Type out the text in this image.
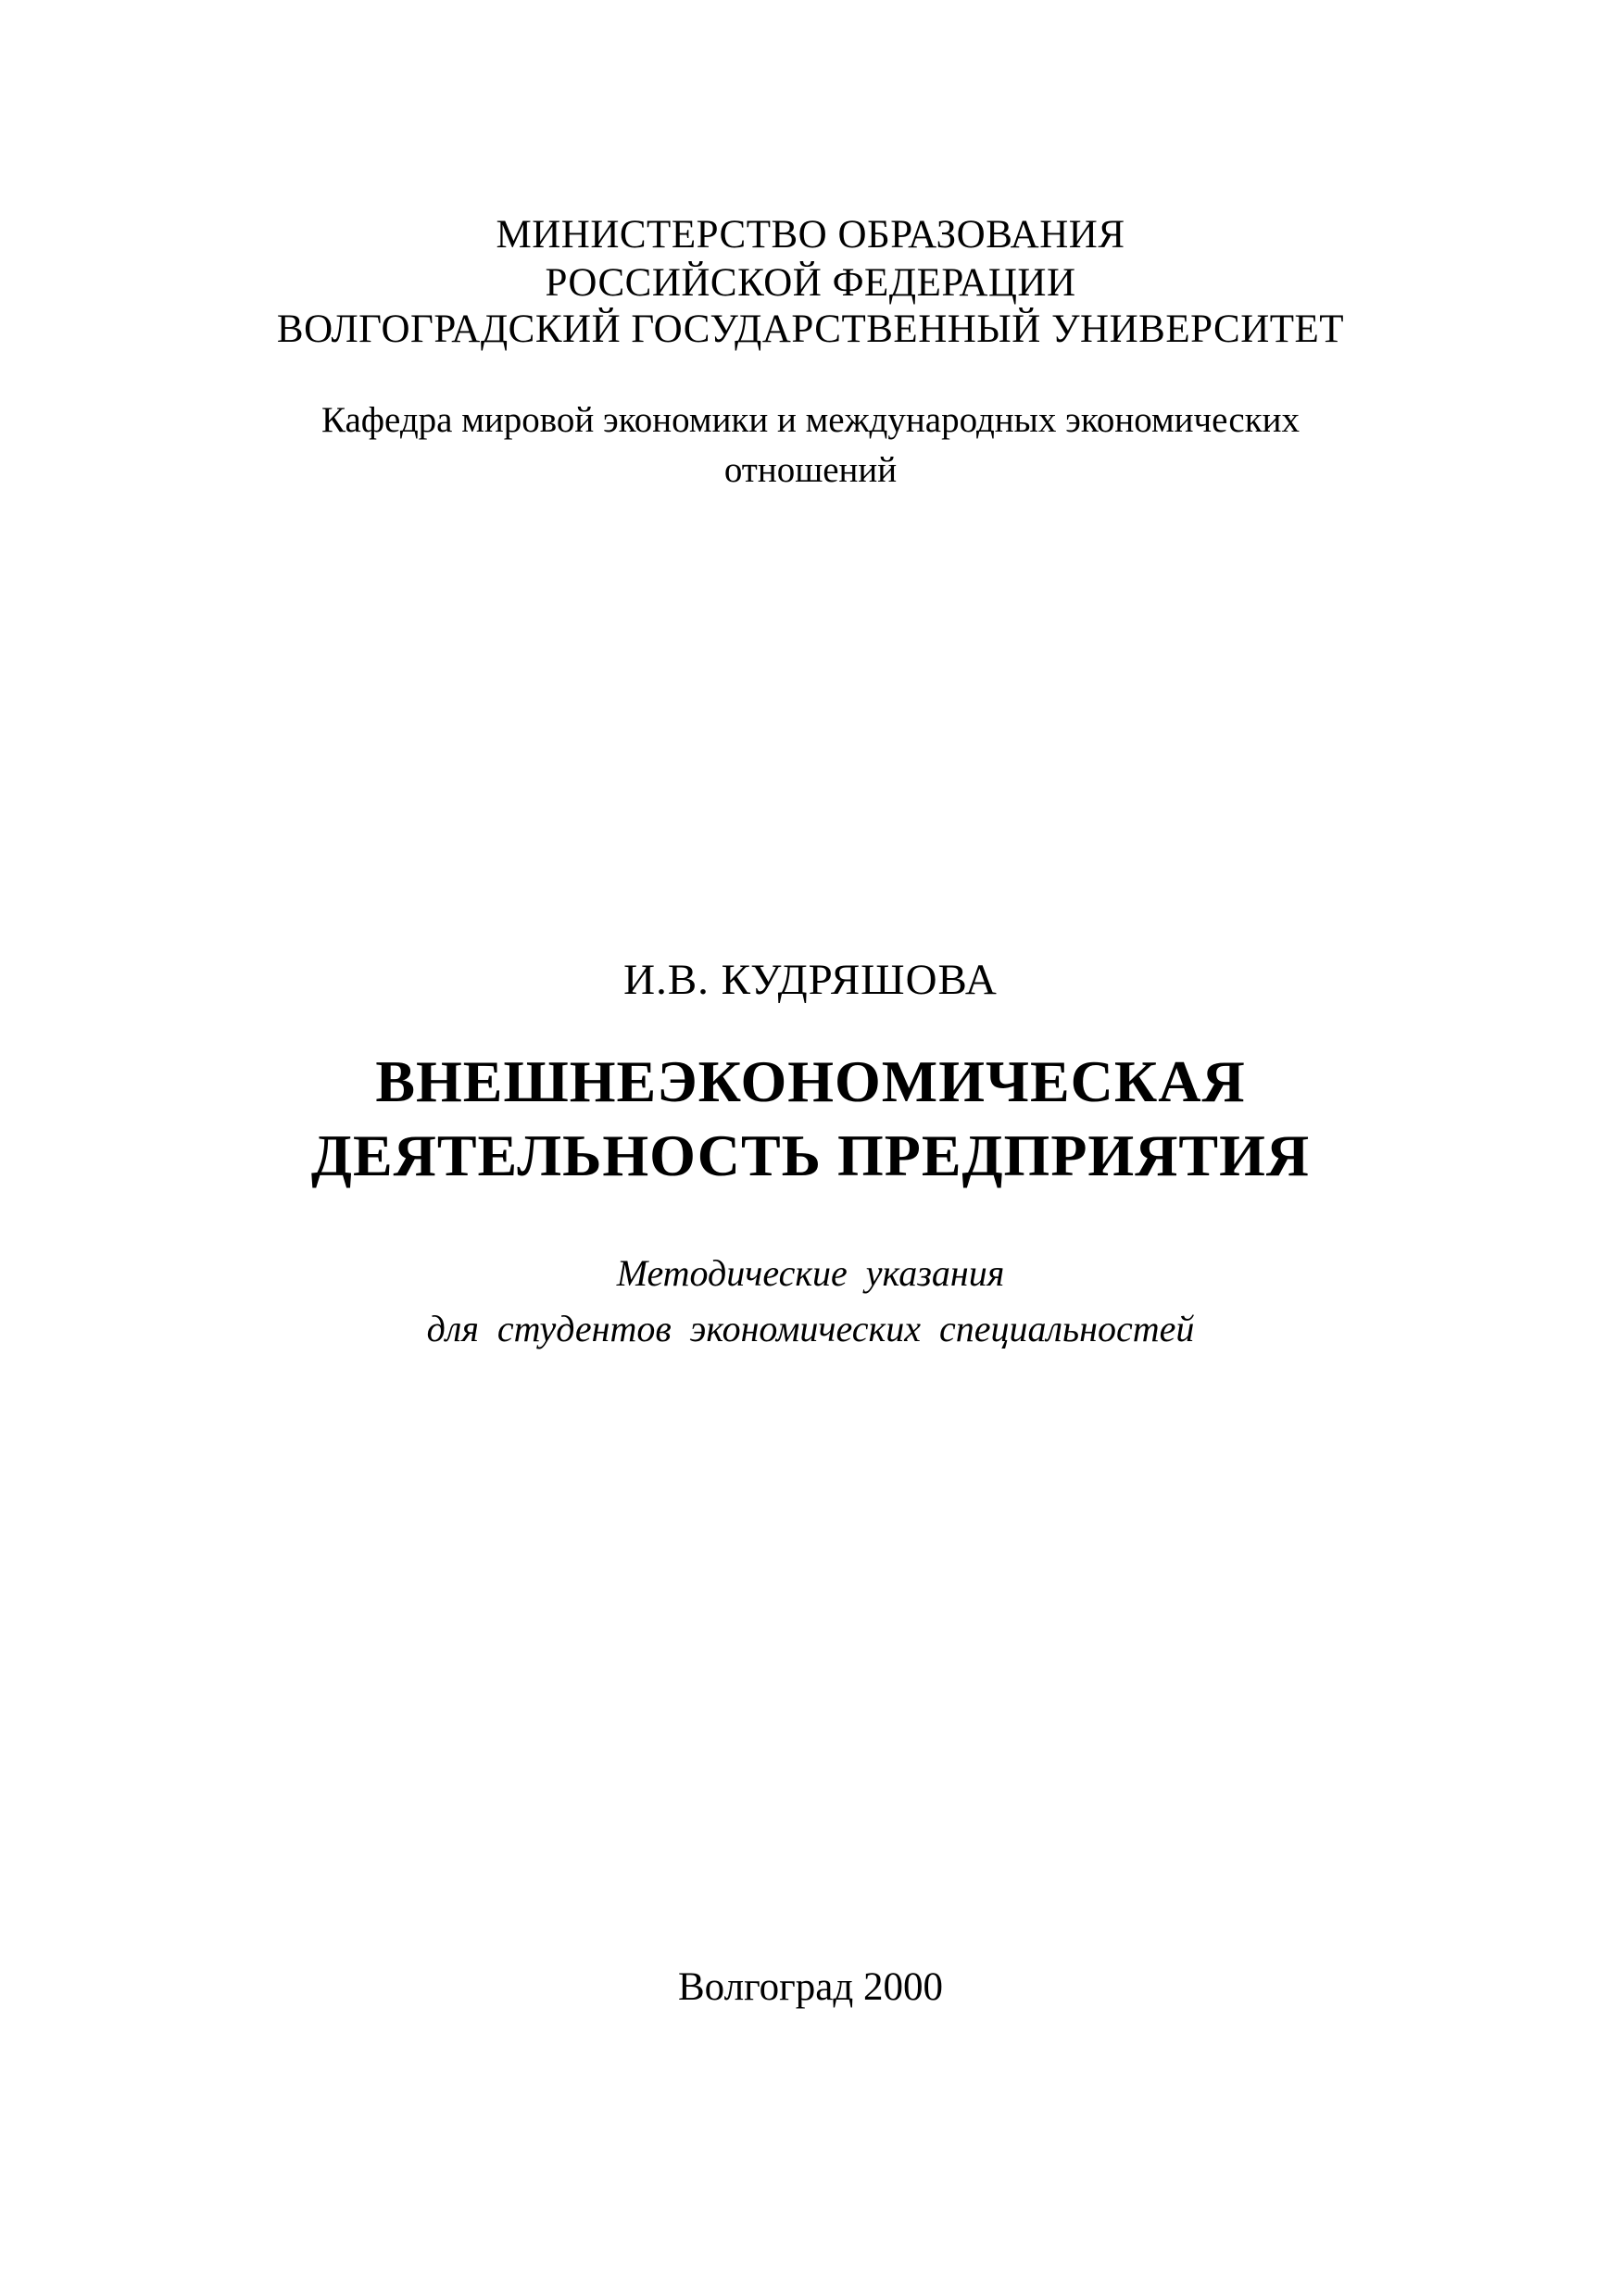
МИНИСТЕРСТВО ОБРАЗОВАНИЯ
РОССИЙСКОЙ ФЕДЕРАЦИИ
ВОЛГОГРАДСКИЙ ГОСУДАРСТВЕННЫЙ УНИВЕРСИТЕТ
Кафедра мировой экономики и международных экономических
отношений
И.В. КУДРЯШОВА
ВНЕШНЕЭКОНОМИЧЕСКАЯ
ДЕЯТЕЛЬНОСТЬ ПРЕДПРИЯТИЯ
Методические указания
для студентов экономических специальностей
Волгоград 2000
